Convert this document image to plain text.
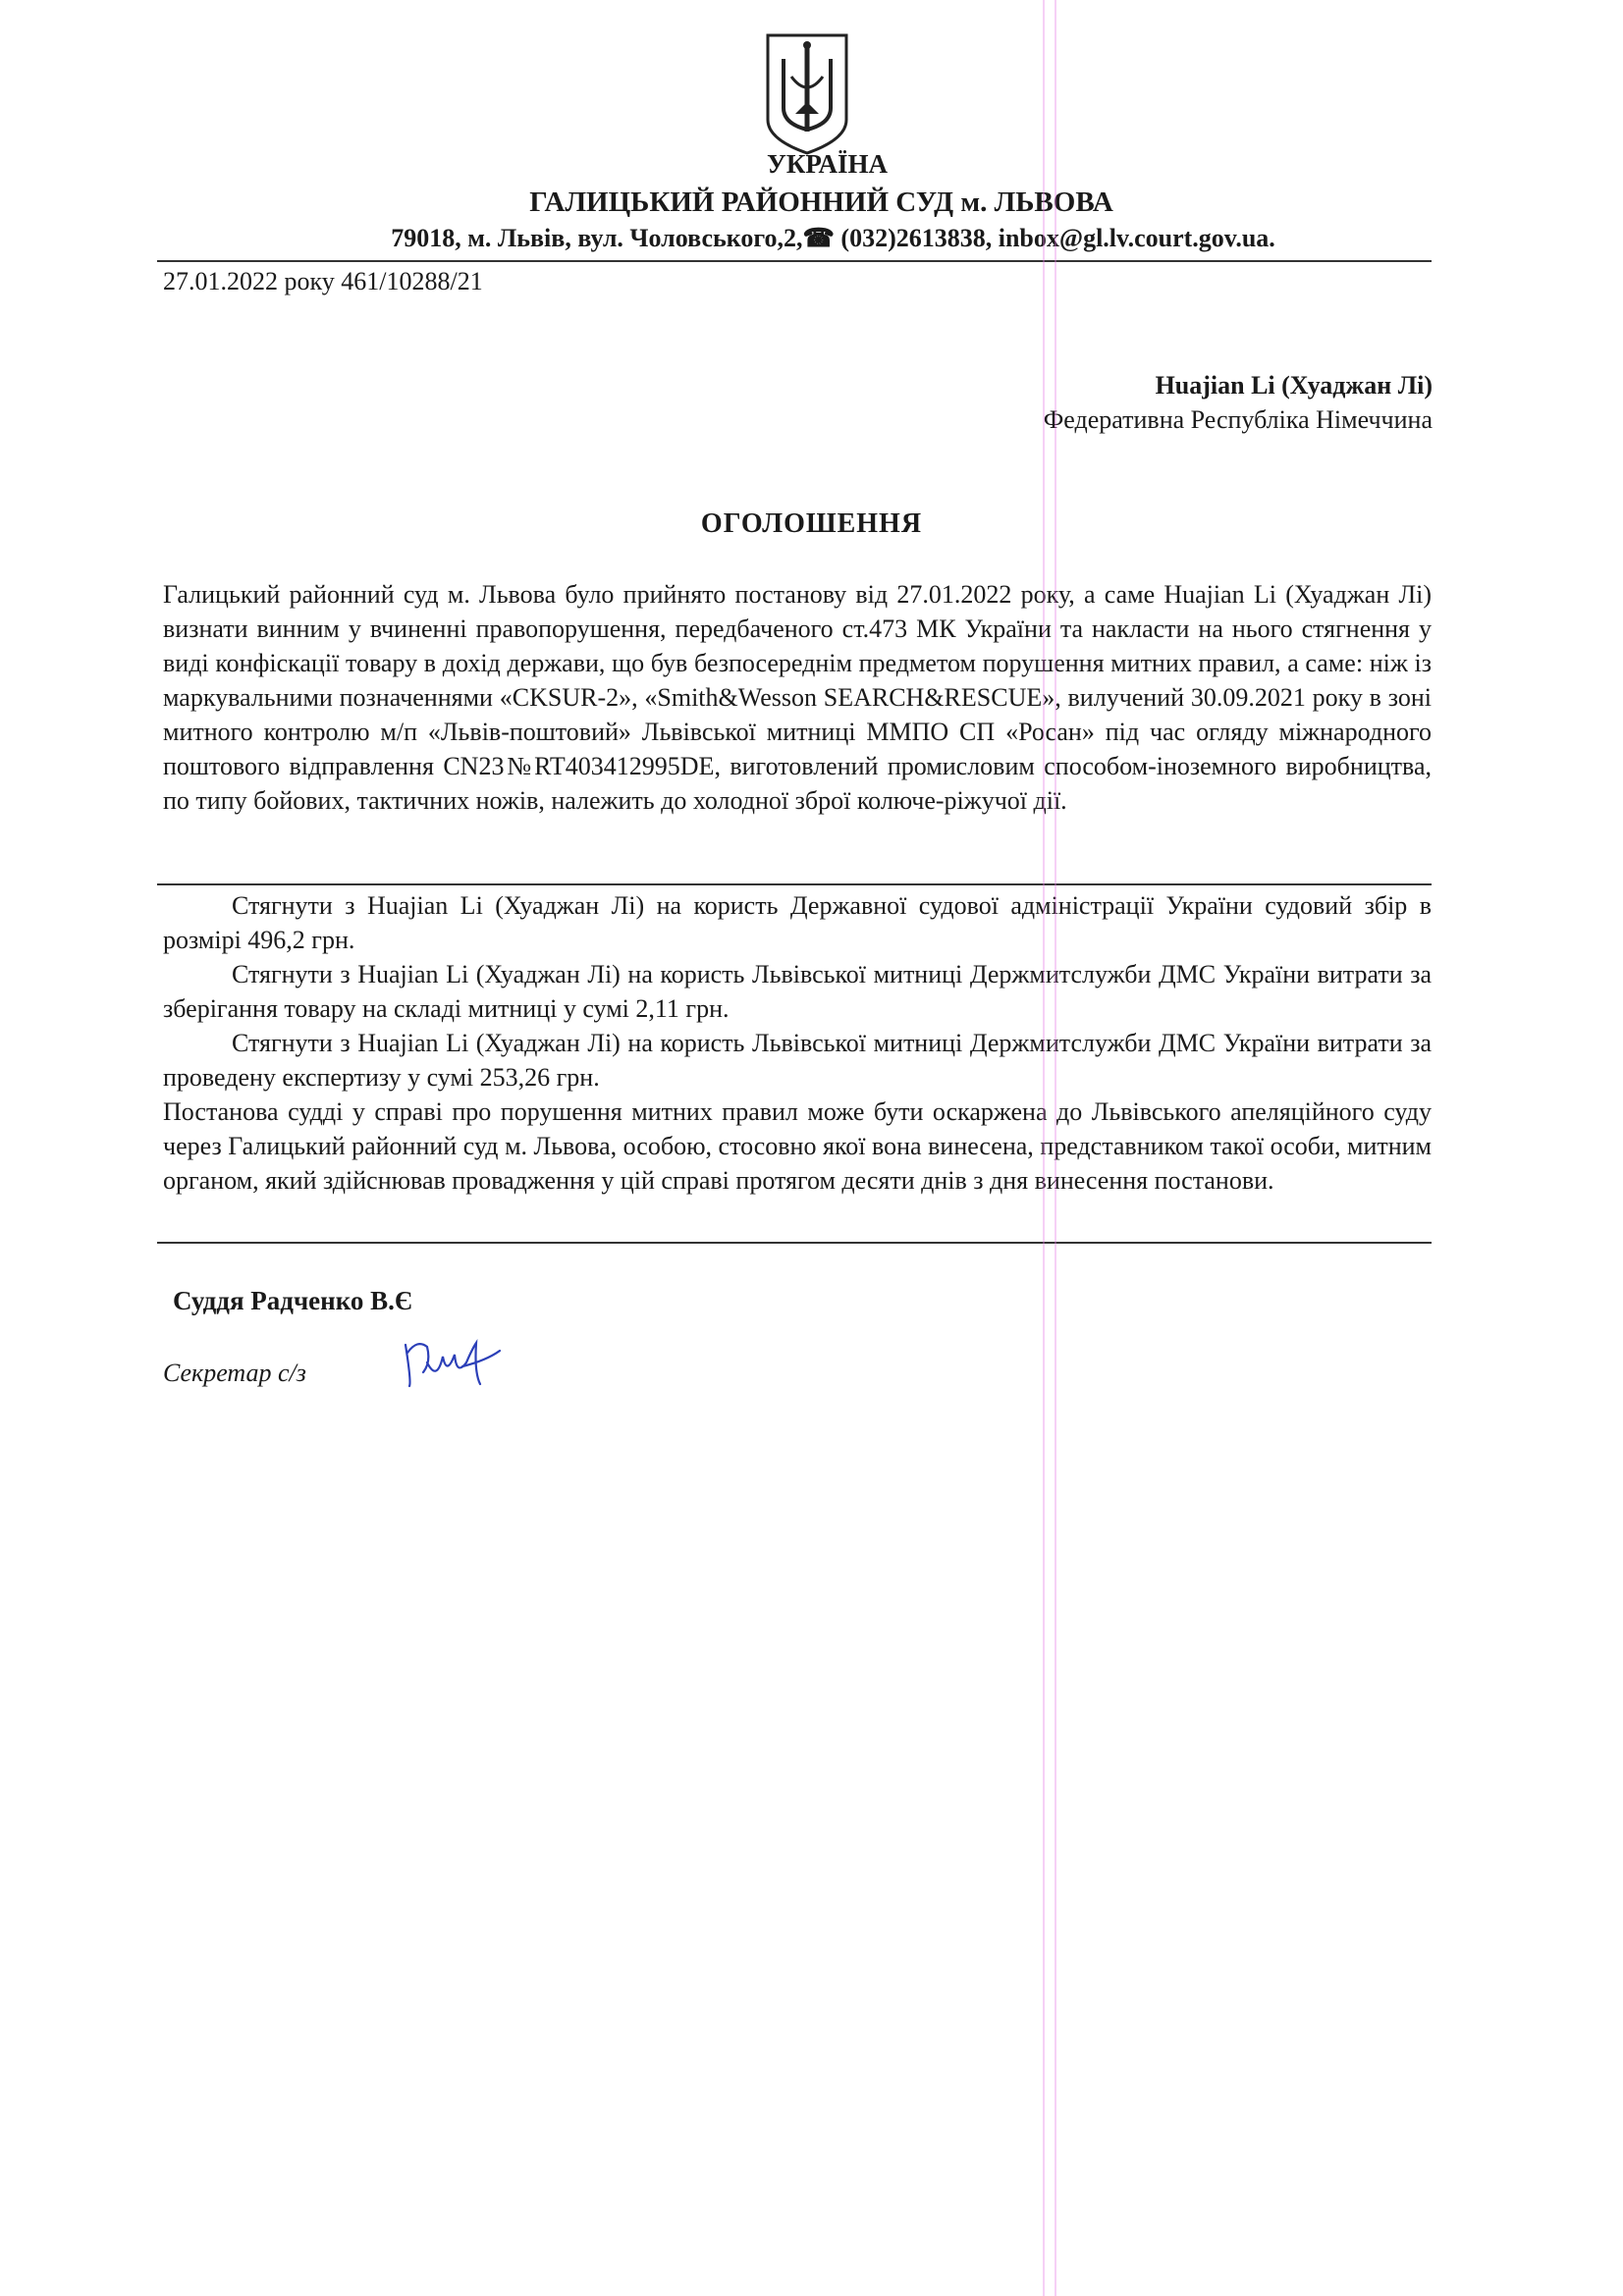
УКРАЇНА
ГАЛИЦЬКИЙ РАЙОННИЙ СУД м. ЛЬВОВА
79018, м. Львів, вул. Чоловського,2,☎ (032)2613838, inbox@gl.lv.court.gov.ua.
27.01.2022 року 461/10288/21
Huajian Li (Хуаджан Лі)
Федеративна Республіка Німеччина
ОГОЛОШЕННЯ

Галицький районний суд м. Львова було прийнято постанову від 27.01.2022 року, а саме Huajian Li (Хуаджан Лі) визнати винним у вчиненні правопорушення, передбаченого ст.473 МК України та накласти на нього стягнення у виді конфіскації товару в дохід держави, що був безпосереднім предметом порушення митних правил, а саме: ніж із маркувальними позначеннями «CKSUR-2», «Smith&Wesson SEARCH&RESCUE», вилучений 30.09.2021 року в зоні митного контролю м/п «Львів-поштовий» Львівської митниці ММПО СП «Росан» під час огляду міжнародного поштового відправлення CN23№RT403412995DE, виготовлений промисловим способом-іноземного виробництва, по типу бойових, тактичних ножів, належить до холодної зброї колюче-ріжучої дії.

Стягнути з Huajian Li (Хуаджан Лі) на користь Державної судової адміністрації України судовий збір в розмірі 496,2 грн.

Стягнути з Huajian Li (Хуаджан Лі) на користь Львівської митниці Держмитслужби ДМС України витрати за зберігання товару на складі митниці у сумі 2,11 грн.

Стягнути з Huajian Li (Хуаджан Лі) на користь Львівської митниці Держмитслужби ДМС України витрати за проведену експертизу у сумі 253,26 грн.

Постанова судді у справі про порушення митних правил може бути оскаржена до Львівського апеляційного суду через Галицький районний суд м. Львова, особою, стосовно якої вона винесена, представником такої особи, митним органом, який здійснював провадження у цій справі протягом десяти днів з дня винесення постанови.

Суддя Радченко В.Є
Секретар с/з
